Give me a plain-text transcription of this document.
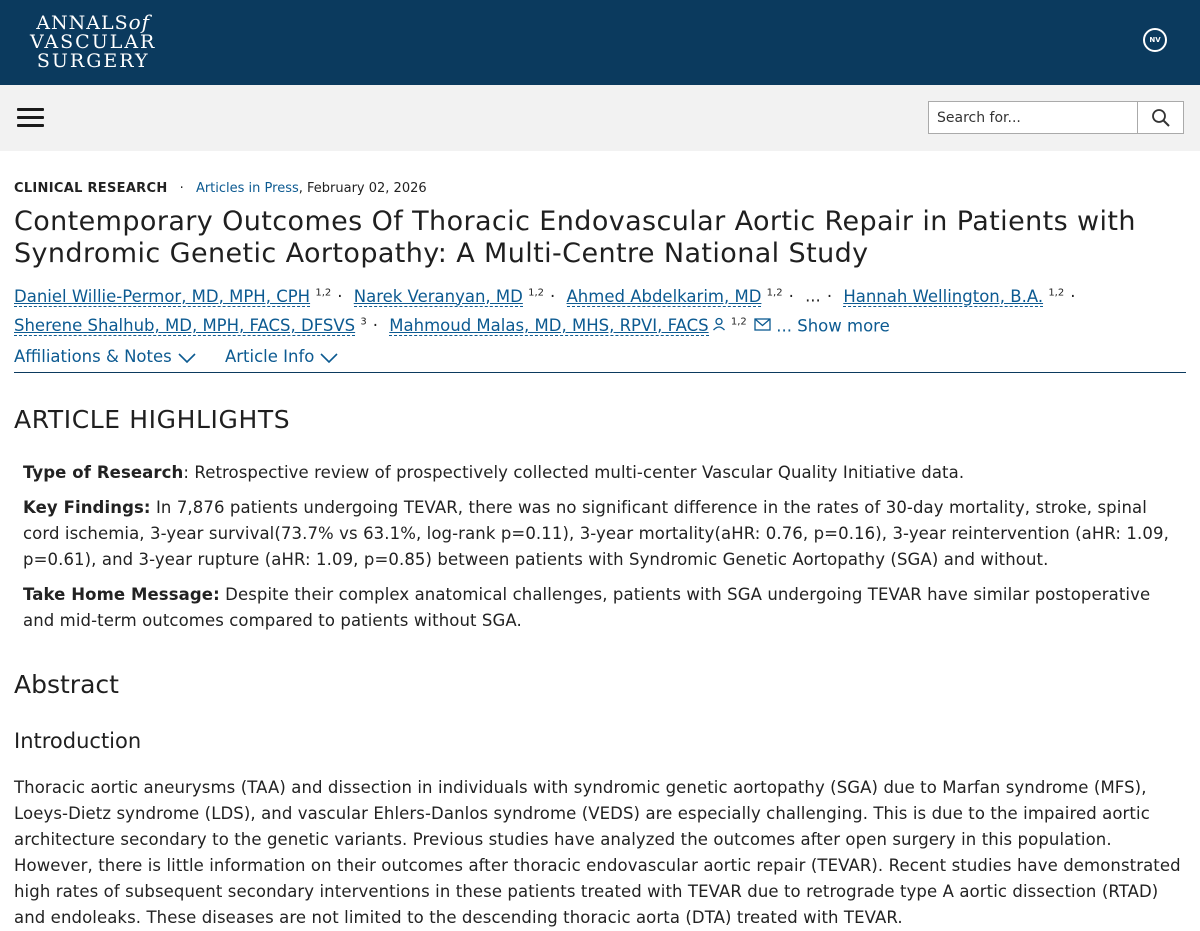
ANNALSof
VASCULAR
SURGERY
NV
Search for...
CLINICAL RESEARCH · Articles in Press, February 02, 2026
Contemporary Outcomes Of Thoracic Endovascular Aortic Repair in Patients with Syndromic Genetic Aortopathy: A Multi-Centre National Study
Daniel Willie-Permor, MD, MPH, CPH $^{1,2}$ · Narek Veranyan, MD $^{1,2}$ · Ahmed Abdelkarim, MD $^{1,2}$ · ... · Hannah Wellington, B.A. $^{1,2}$ ·
Sherene Shalhub, MD, MPH, FACS, DFSVS $^3$ · Mahmoud Malas, MD, MHS, RPVI, FACS $^{1,2}$ ... Show more
Affiliations & Notes	Article Info
ARTICLE HIGHLIGHTS
Type of Research: Retrospective review of prospectively collected multi-center Vascular Quality Initiative data.
Key Findings: In 7,876 patients undergoing TEVAR, there was no significant difference in the rates of 30-day mortality, stroke, spinal cord ischemia, 3-year survival(73.7% vs 63.1%, log-rank p=0.11), 3-year mortality(aHR: 0.76, p=0.16), 3-year reintervention (aHR: 1.09, p=0.61), and 3-year rupture (aHR: 1.09, p=0.85) between patients with Syndromic Genetic Aortopathy (SGA) and without.
Take Home Message: Despite their complex anatomical challenges, patients with SGA undergoing TEVAR have similar postoperative and mid-term outcomes compared to patients without SGA.
Abstract
Introduction

Thoracic aortic aneurysms (TAA) and dissection in individuals with syndromic genetic aortopathy (SGA) due to Marfan syndrome (MFS), Loeys-Dietz syndrome (LDS), and vascular Ehlers-Danlos syndrome (VEDS) are especially challenging. This is due to the impaired aortic architecture secondary to the genetic variants. Previous studies have analyzed the outcomes after open surgery in this population. However, there is little information on their outcomes after thoracic endovascular aortic repair (TEVAR). Recent studies have demonstrated high rates of subsequent secondary interventions in these patients treated with TEVAR due to retrograde type A aortic dissection (RTAD) and endoleaks. These diseases are not limited to the descending thoracic aorta (DTA) treated with TEVAR.
